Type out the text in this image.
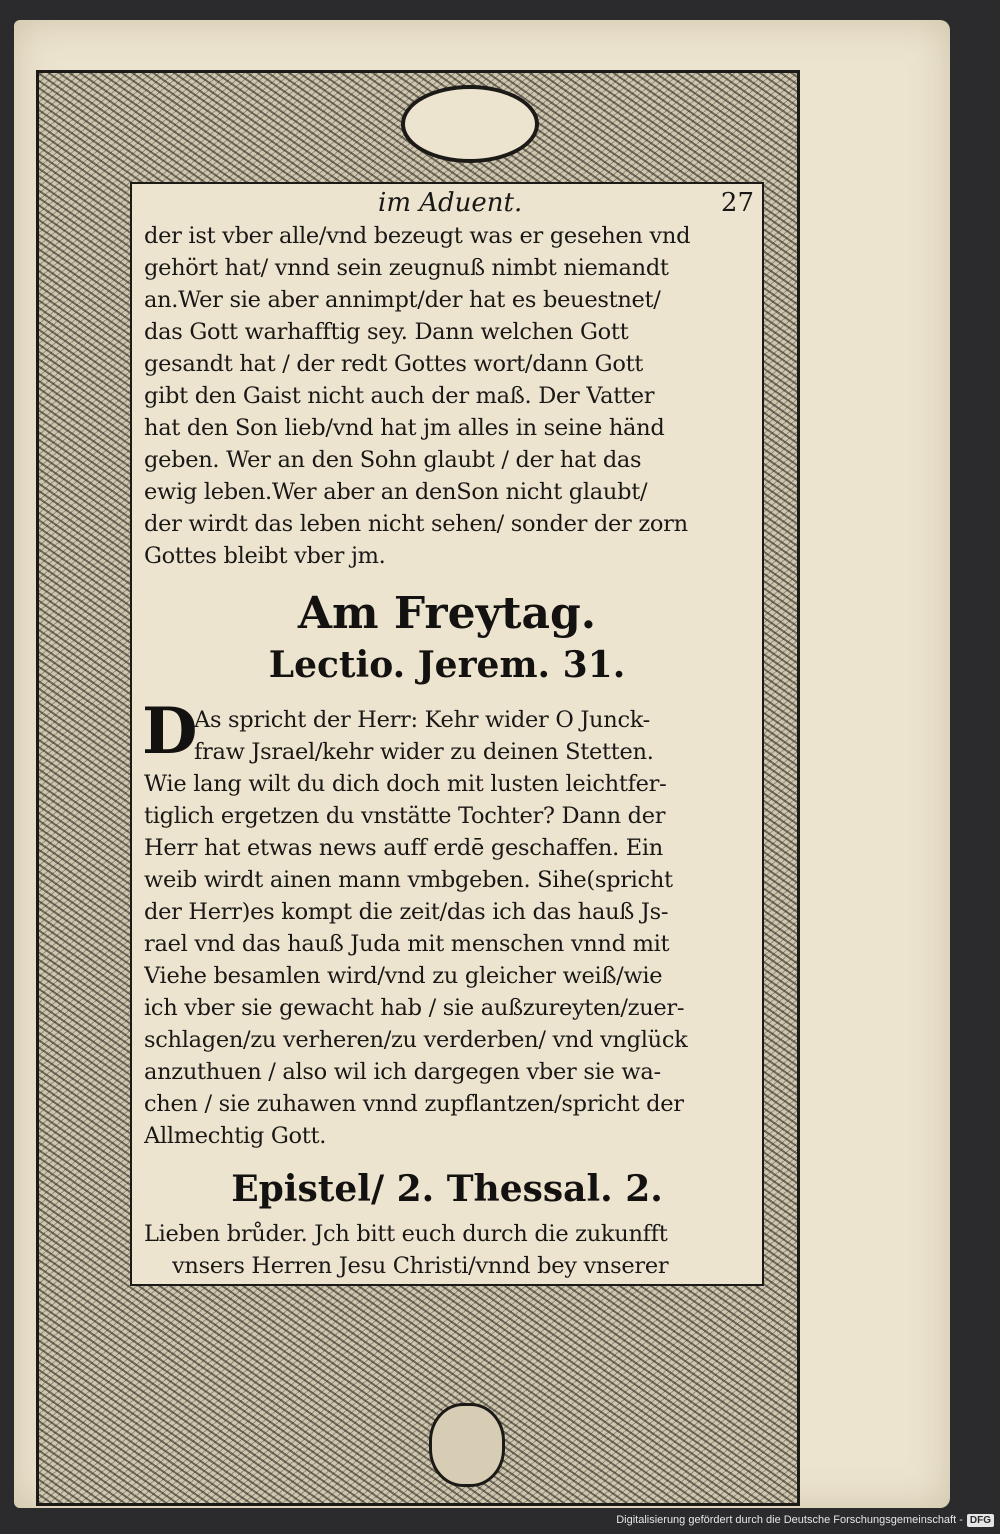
im Aduent.	27
der ist vber alle/vnd bezeugt was er gesehen vnd
gehört hat/ vnnd sein zeugnuß nimbt niemandt
an.Wer sie aber annimpt/der hat es beuestnet/
das Gott warhafftig sey. Dann welchen Gott
gesandt hat / der redt Gottes wort/dann Gott
gibt den Gaist nicht auch der maß. Der Vatter
hat den Son lieb/vnd hat jm alles in seine händ
geben. Wer an den Sohn glaubt / der hat das
ewig leben.Wer aber an denSon nicht glaubt/
der wirdt das leben nicht sehen/ sonder der zorn
Gottes bleibt vber jm.
Am Freytag.
Lectio. Jerem. 31.
D
As spricht der Herr: Kehr wider O Junck-
fraw Jsrael/kehr wider zu deinen Stetten.
Wie lang wilt du dich doch mit lusten leichtfer-
tiglich ergetzen du vnstätte Tochter? Dann der
Herr hat etwas news auff erdē geschaffen. Ein
weib wirdt ainen mann vmbgeben. Sihe(spricht
der Herr)es kompt die zeit/das ich das hauß Js-
rael vnd das hauß Juda mit menschen vnnd mit
Viehe besamlen wird/vnd zu gleicher weiß/wie
ich vber sie gewacht hab / sie außzureyten/zuer-
schlagen/zu verheren/zu verderben/ vnd vnglück
anzuthuen / also wil ich dargegen vber sie wa-
chen / sie zuhawen vnnd zupflantzen/spricht der
Allmechtig Gott.
Epistel/ 2. Thessal. 2.
Lieben brůder. Jch bitt euch durch die zukunfft
vnsers Herren Jesu Christi/vnnd bey vnserer
Digitalisierung gefördert durch die Deutsche Forschungsgemeinschaft - DFG
